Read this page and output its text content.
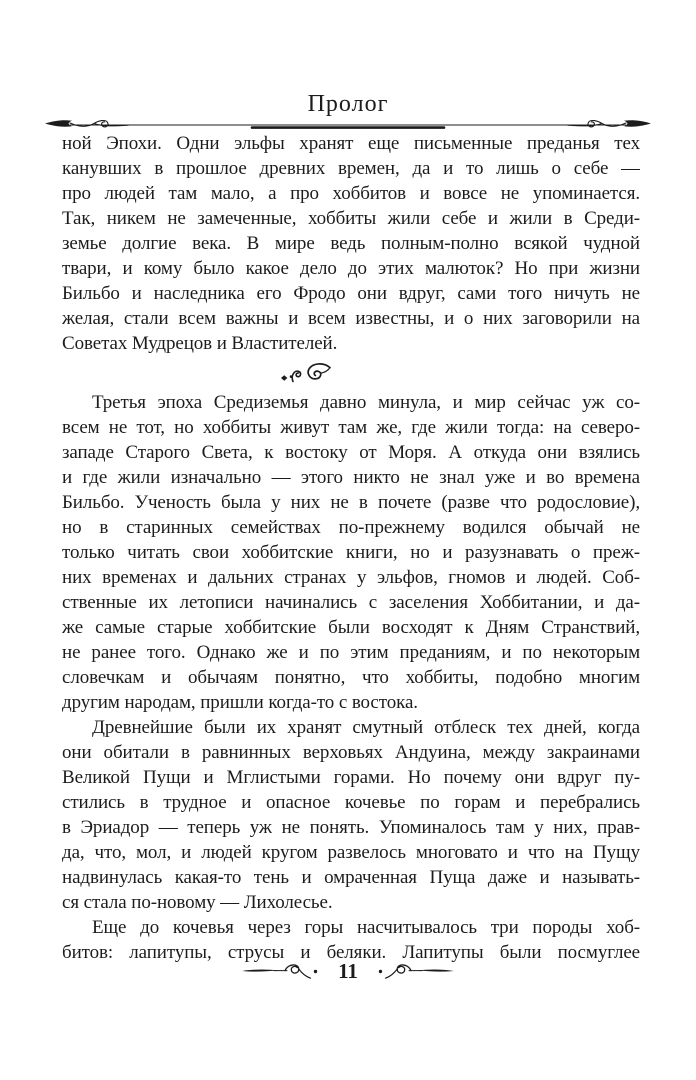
Пролог
ной Эпохи. Одни эльфы хранят еще письменные преданья тех
канувших в прошлое древних времен, да и то лишь о себе —
про людей там мало, а про хоббитов и вовсе не упоминается.
Так, никем не замеченные, хоббиты жили себе и жили в Среди-
земье долгие века. В мире ведь полным-полно всякой чудной
твари, и кому было какое дело до этих малюток? Но при жизни
Бильбо и наследника его Фродо они вдруг, сами того ничуть не
желая, стали всем важны и всем известны, и о них заговорили на
Советах Мудрецов и Властителей.
Третья эпоха Средиземья давно минула, и мир сейчас уж со-
всем не тот, но хоббиты живут там же, где жили тогда: на северо-
западе Старого Света, к востоку от Моря. А откуда они взялись
и где жили изначально — этого никто не знал уже и во времена
Бильбо. Ученость была у них не в почете (разве что родословие),
но в старинных семействах по-прежнему водился обычай не
только читать свои хоббитские книги, но и разузнавать о преж-
них временах и дальних странах у эльфов, гномов и людей. Соб-
ственные их летописи начинались с заселения Хоббитании, и да-
же самые старые хоббитские были восходят к Дням Странствий,
не ранее того. Однако же и по этим преданиям, и по некоторым
словечкам и обычаям понятно, что хоббиты, подобно многим
другим народам, пришли когда-то с востока.
Древнейшие были их хранят смутный отблеск тех дней, когда
они обитали в равнинных верховьях Андуина, между закраинами
Великой Пущи и Мглистыми горами. Но почему они вдруг пу-
стились в трудное и опасное кочевье по горам и перебрались
в Эриадор — теперь уж не понять. Упоминалось там у них, прав-
да, что, мол, и людей кругом развелось многовато и что на Пущу
надвинулась какая-то тень и омраченная Пуща даже и называть-
ся стала по-новому — Лихолесье.
Еще до кочевья через горы насчитывалось три породы хоб-
битов: лапитупы, струсы и беляки. Лапитупы были посмуглее
11
